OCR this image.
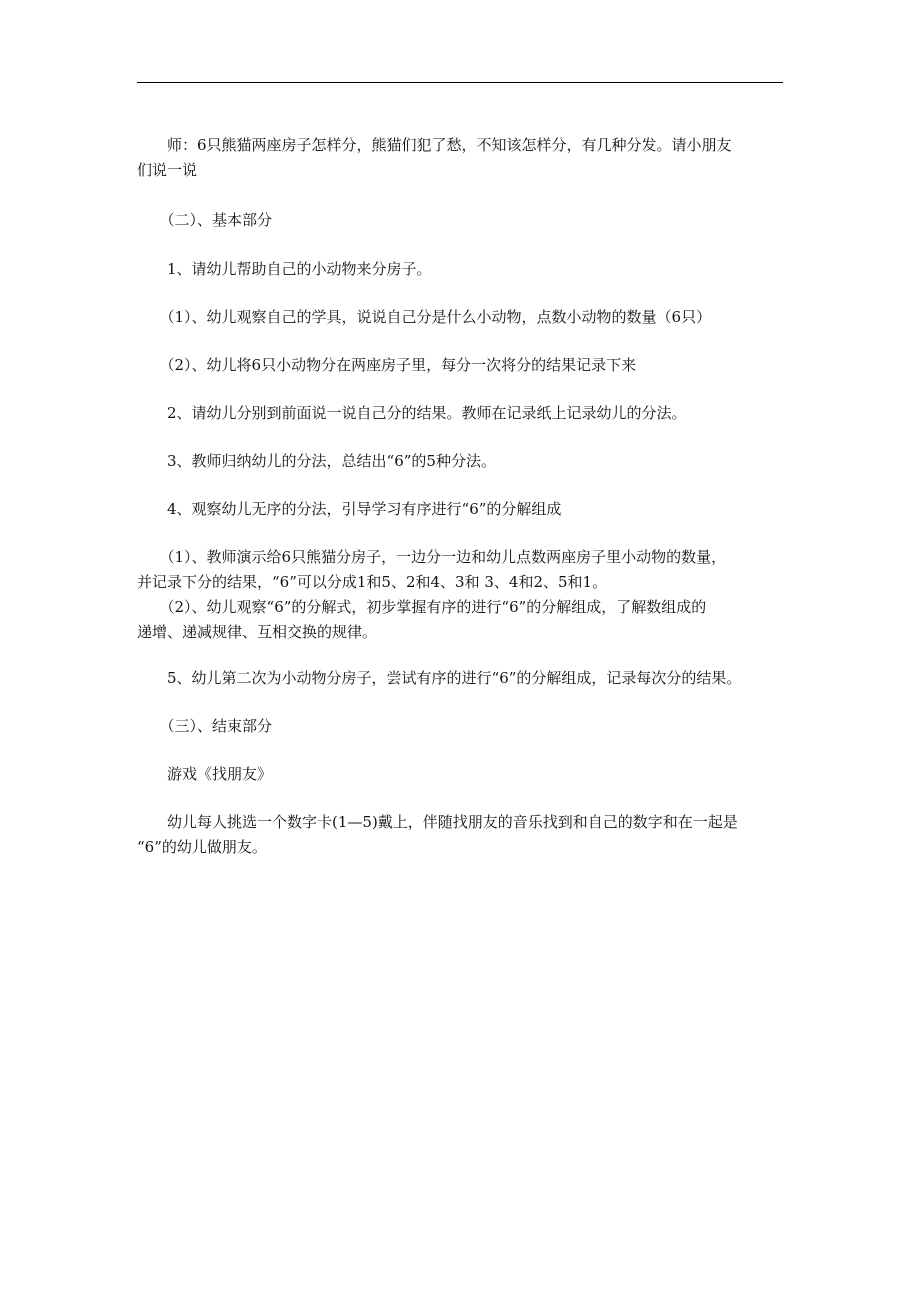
　　师：6只熊猫两座房子怎样分，熊猫们犯了愁，不知该怎样分，有几种分发。请小朋友
们说一说

　　（二）、基本部分

　　1、请幼儿帮助自己的小动物来分房子。

　　（1）、幼儿观察自己的学具，说说自己分是什么小动物，点数小动物的数量（6只）

　　（2）、幼儿将6只小动物分在两座房子里，每分一次将分的结果记录下来

　　2、请幼儿分别到前面说一说自己分的结果。教师在记录纸上记录幼儿的分法。

　　3、教师归纳幼儿的分法，总结出“6”的5种分法。

　　4、观察幼儿无序的分法，引导学习有序进行“6”的分解组成

　　（1）、教师演示给6只熊猫分房子，一边分一边和幼儿点数两座房子里小动物的数量，
并记录下分的结果，“6”可以分成1和5、2和4、3和 3、4和2、5和1。

　　（2）、幼儿观察“6”的分解式，初步掌握有序的进行“6”的分解组成，了解数组成的
递增、递减规律、互相交换的规律。

　　5、幼儿第二次为小动物分房子，尝试有序的进行“6”的分解组成，记录每次分的结果。

　　（三）、结束部分

　　游戏《找朋友》

　　幼儿每人挑选一个数字卡(1—5)戴上，伴随找朋友的音乐找到和自己的数字和在一起是
“6”的幼儿做朋友。
